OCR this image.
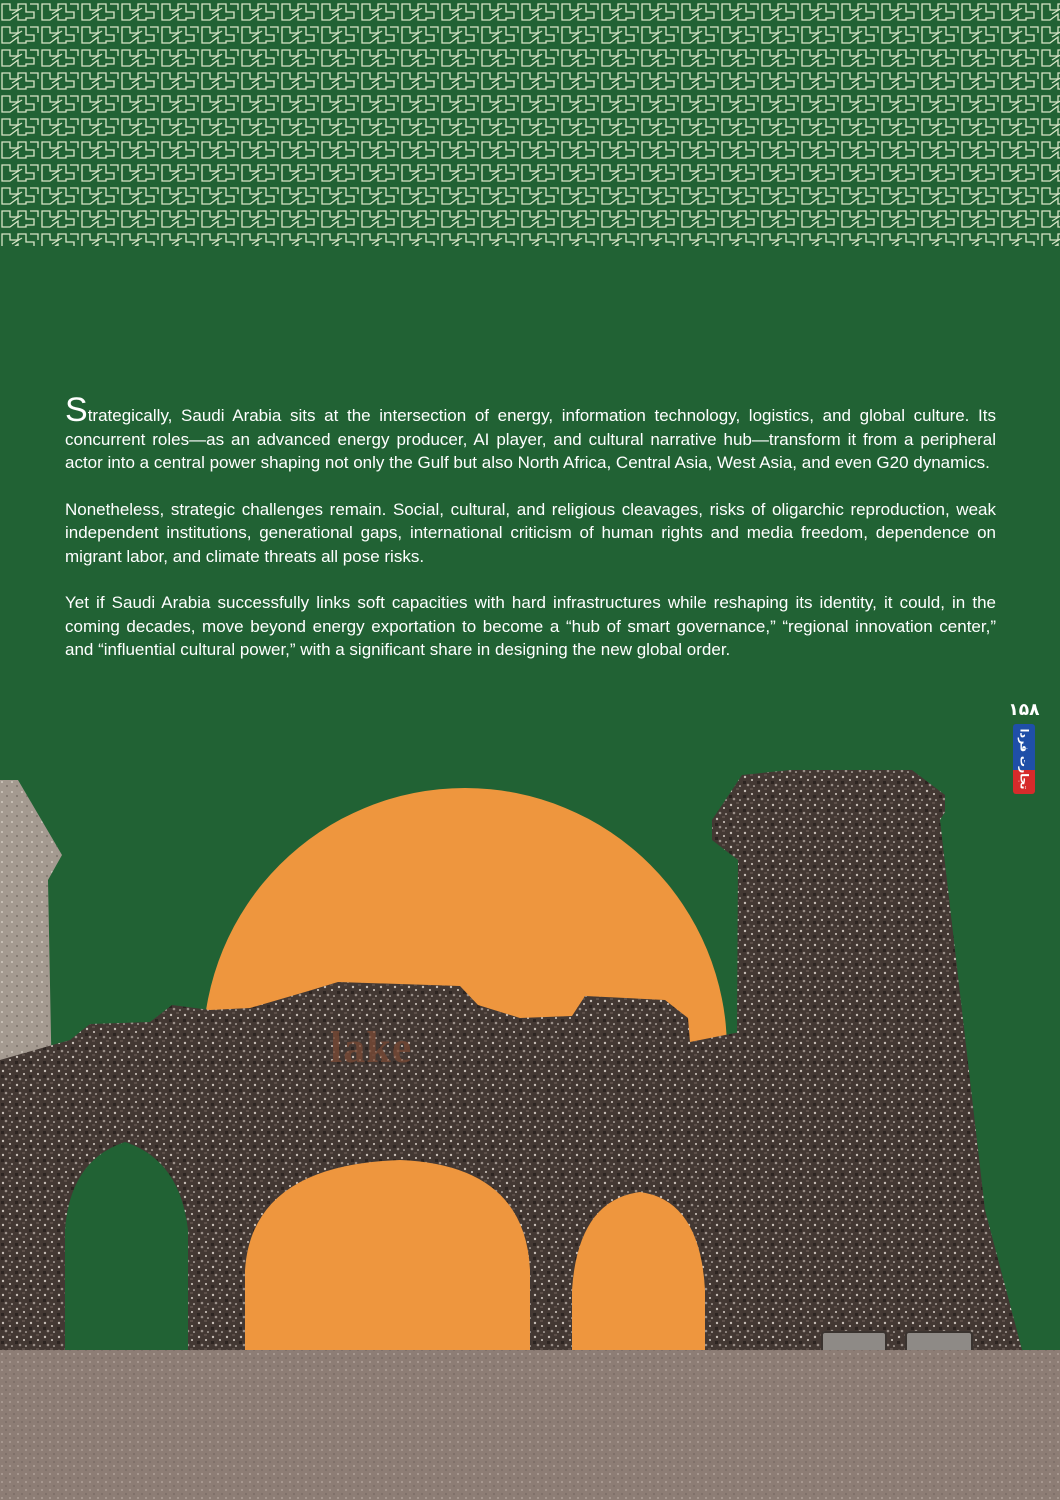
Strategically, Saudi Arabia sits at the intersection of energy, information technology, logistics, and global culture. Its concurrent roles—as an advanced energy producer, AI player, and cultural narrative hub—transform it from a peripheral actor into a central power shaping not only the Gulf but also North Africa, Central Asia, West Asia, and even G20 dynamics.

Nonetheless, strategic challenges remain. Social, cultural, and religious cleavages, risks of oligarchic reproduction, weak independent institutions, generational gaps, international criticism of human rights and media freedom, dependence on migrant labor, and climate threats all pose risks.

Yet if Saudi Arabia successfully links soft capacities with hard infrastructures while reshaping its identity, it could, in the coming decades, move beyond energy exportation to become a “hub of smart governance,” “regional innovation center,” and “influential cultural power,” with a significant share in designing the new global order.

۱۵۸
تجارت فردا
lake
